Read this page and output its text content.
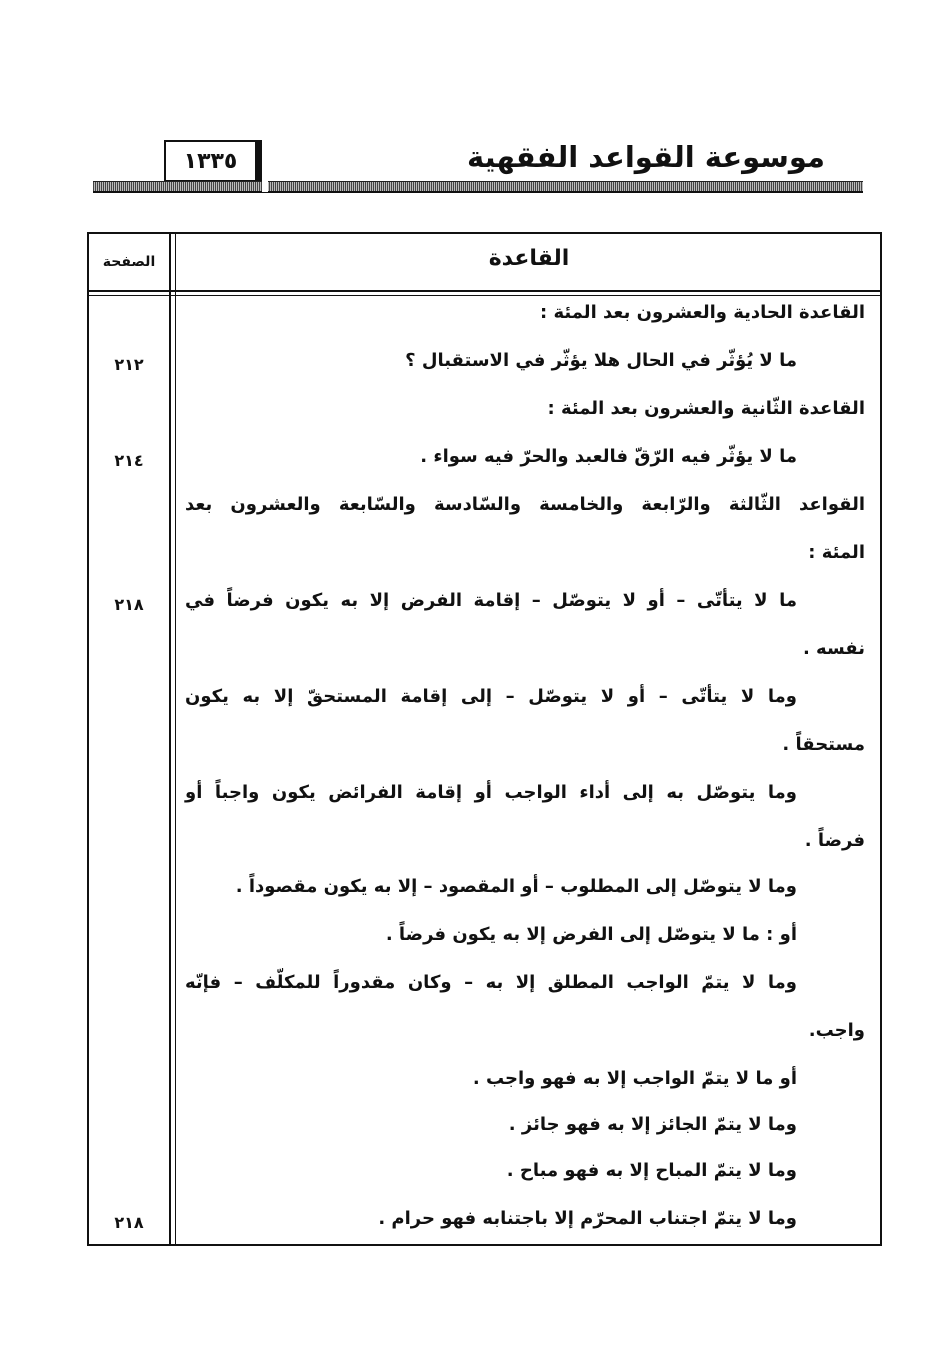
موسوعة القواعد الفقهية
١٣٣٥
القاعدة
الصفحة
القاعدة الحادية والعشرون بعد المئة :
ما لا يُؤثّر في الحال هلا يؤثّر في الاستقبال ؟
القاعدة الثّانية والعشرون بعد المئة :
ما لا يؤثّر فيه الرّقّ فالعبد والحرّ فيه سواء .
القواعد الثّالثة والرّابعة والخامسة والسّادسة والسّابعة والعشرون بعد
المئة :
ما لا يتأتّى – أو لا يتوصّل – إقامة الفرض إلا به يكون فرضاً في
نفسه .
وما لا يتأتّى – أو لا يتوصّل – إلى إقامة المستحقّ إلا به يكون
مستحقاً .
وما يتوصّل به إلى أداء الواجب أو إقامة الفرائض يكون واجباً أو
فرضاً .
وما لا يتوصّل إلى المطلوب – أو المقصود – إلا به يكون مقصوداً .
أو : ما لا يتوصّل إلى الفرض إلا به يكون فرضاً .
وما لا يتمّ الواجب المطلق إلا به – وكان مقدوراً للمكلّف – فإنّه
واجب.
أو ما لا يتمّ الواجب إلا به فهو واجب .
وما لا يتمّ الجائز إلا به فهو جائز .
وما لا يتمّ المباح إلا به فهو مباح .
وما لا يتمّ اجتناب المحرّم إلا باجتنابه فهو حرام .
٢١٢
٢١٤
٢١٨
٢١٨
